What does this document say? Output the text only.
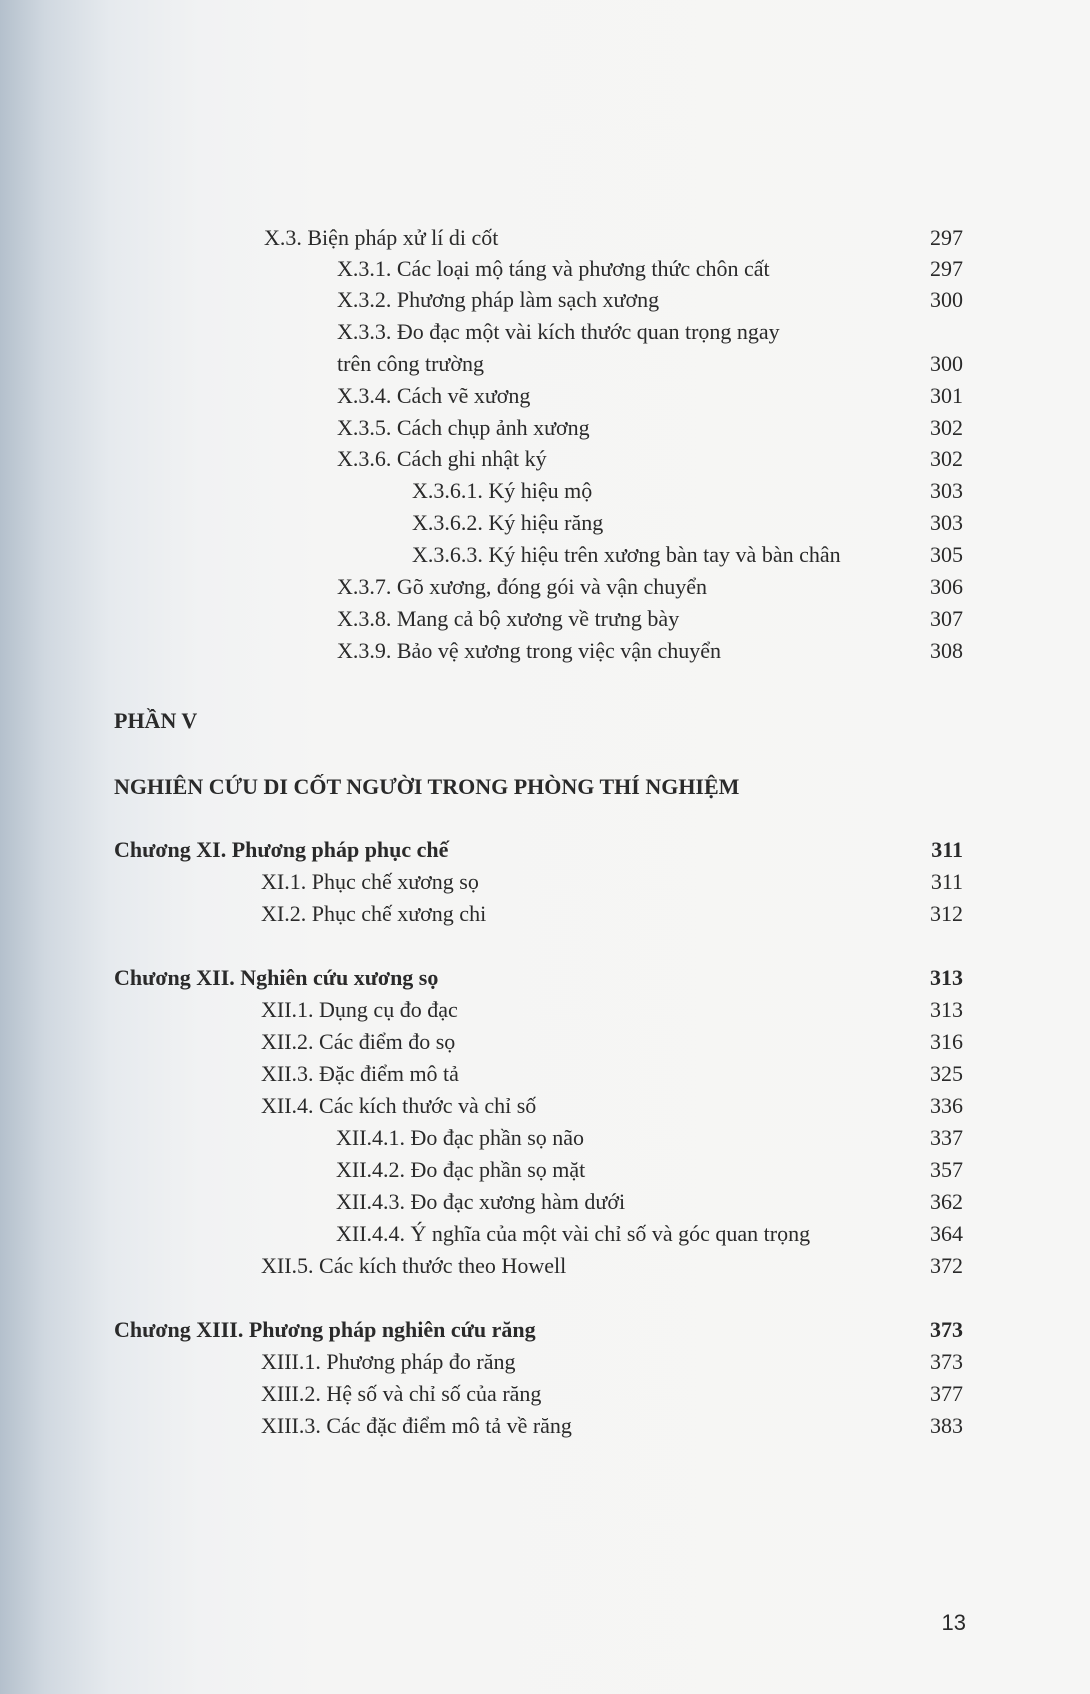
X.3. Biện pháp xử lí di cốt	297
X.3.1. Các loại mộ táng và phương thức chôn cất	297
X.3.2. Phương pháp làm sạch xương	300
X.3.3. Đo đạc một vài kích thước quan trọng ngay
trên công trường	300
X.3.4. Cách vẽ xương	301
X.3.5. Cách chụp ảnh xương	302
X.3.6. Cách ghi nhật ký	302
X.3.6.1. Ký hiệu mộ	303
X.3.6.2. Ký hiệu răng	303
X.3.6.3. Ký hiệu trên xương bàn tay và bàn chân	305
X.3.7. Gõ xương, đóng gói và vận chuyển	306
X.3.8. Mang cả bộ xương về trưng bày	307
X.3.9. Bảo vệ xương trong việc vận chuyển	308
PHẦN V
NGHIÊN CỨU DI CỐT NGƯỜI TRONG PHÒNG THÍ NGHIỆM
Chương XI. Phương pháp phục chế	311
XI.1. Phục chế xương sọ	311
XI.2. Phục chế xương chi	312
Chương XII. Nghiên cứu xương sọ	313
XII.1. Dụng cụ đo đạc	313
XII.2. Các điểm đo sọ	316
XII.3. Đặc điểm mô tả	325
XII.4. Các kích thước và chỉ số	336
XII.4.1. Đo đạc phần sọ não	337
XII.4.2. Đo đạc phần sọ mặt	357
XII.4.3. Đo đạc xương hàm dưới	362
XII.4.4. Ý nghĩa của một vài chỉ số và góc quan trọng	364
XII.5. Các kích thước theo Howell	372
Chương XIII. Phương pháp nghiên cứu răng	373
XIII.1. Phương pháp đo răng	373
XIII.2. Hệ số và chỉ số của răng	377
XIII.3. Các đặc điểm mô tả về răng	383
13
